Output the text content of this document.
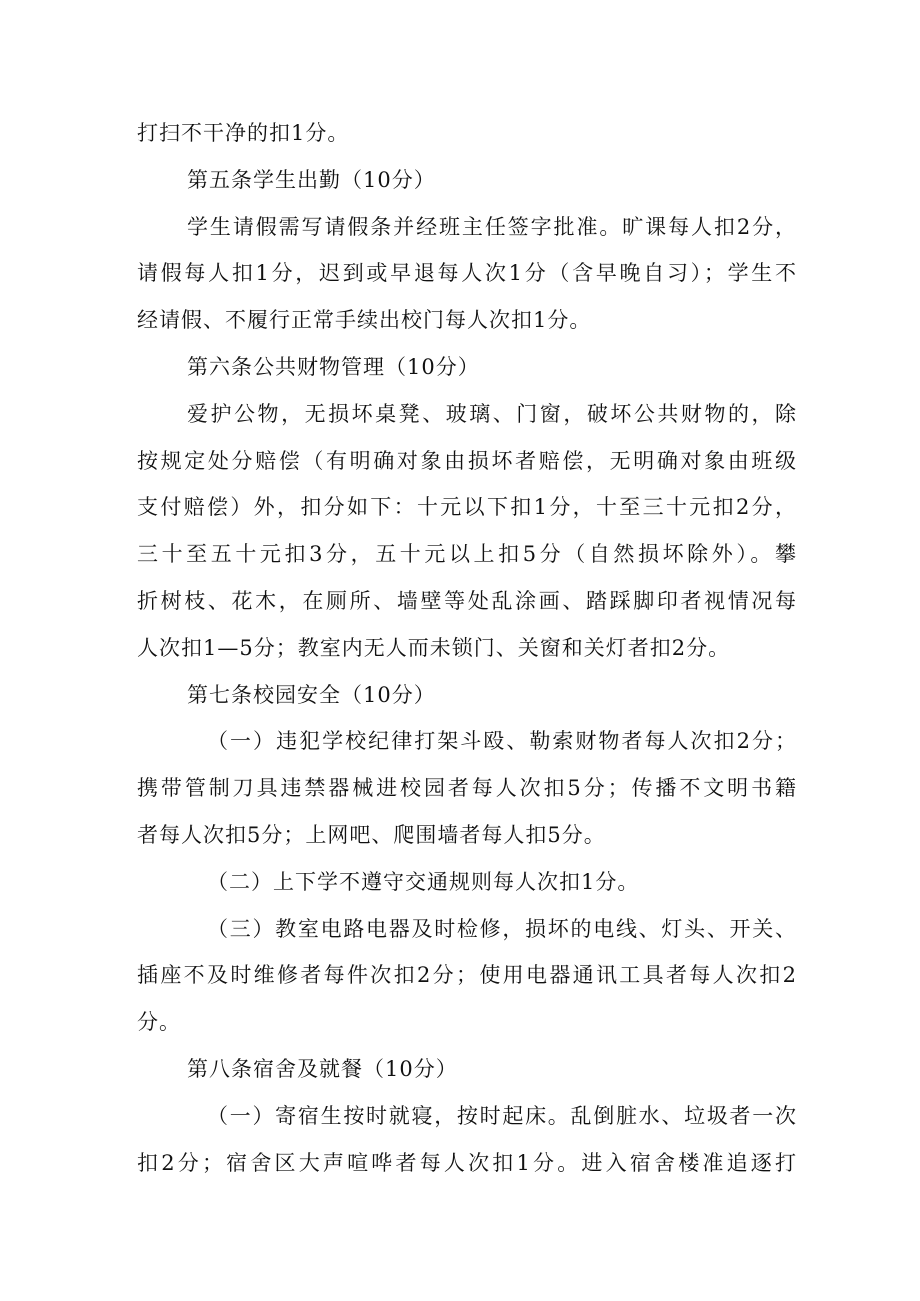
打扫不干净的扣1分。
第五条学生出勤（10分）
学生请假需写请假条并经班主任签字批准。旷课每人扣2分，
请假每人扣1分，迟到或早退每人次1分（含早晚自习）；学生不
经请假、不履行正常手续出校门每人次扣1分。
第六条公共财物管理（10分）
爱护公物，无损坏桌凳、玻璃、门窗，破坏公共财物的，除
按规定处分赔偿（有明确对象由损坏者赔偿，无明确对象由班级
支付赔偿）外，扣分如下：十元以下扣1分，十至三十元扣2分，
三十至五十元扣3分，五十元以上扣5分（自然损坏除外）。攀
折树枝、花木，在厕所、墙壁等处乱涂画、踏踩脚印者视情况每
人次扣1—5分；教室内无人而未锁门、关窗和关灯者扣2分。
第七条校园安全（10分）
（一）违犯学校纪律打架斗殴、勒索财物者每人次扣2分；
携带管制刀具违禁器械进校园者每人次扣5分；传播不文明书籍
者每人次扣5分；上网吧、爬围墙者每人扣5分。
（二）上下学不遵守交通规则每人次扣1分。
（三）教室电路电器及时检修，损坏的电线、灯头、开关、
插座不及时维修者每件次扣2分；使用电器通讯工具者每人次扣2
分。
第八条宿舍及就餐（10分）
（一）寄宿生按时就寝，按时起床。乱倒脏水、垃圾者一次
扣2分；宿舍区大声喧哗者每人次扣1分。进入宿舍楼准追逐打
